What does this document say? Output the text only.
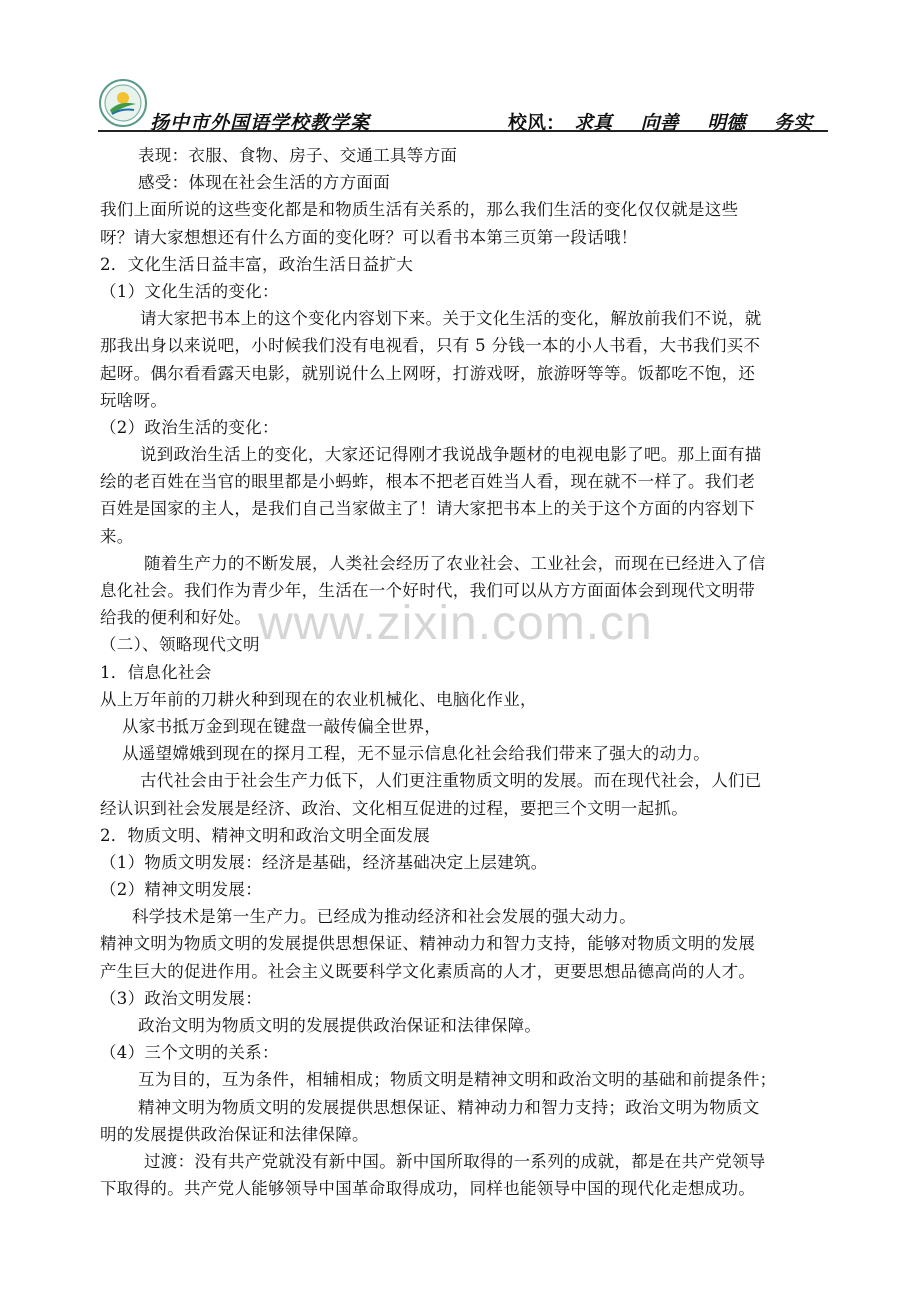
扬中市外国语学校教学案	校风： 求真 向善 明德 务实
表现：衣服、食物、房子、交通工具等方面
感受：体现在社会生活的方方面面
我们上面所说的这些变化都是和物质生活有关系的，那么我们生活的变化仅仅就是这些
呀？请大家想想还有什么方面的变化呀？可以看书本第三页第一段话哦！
2．文化生活日益丰富，政治生活日益扩大
（1）文化生活的变化：
请大家把书本上的这个变化内容划下来。关于文化生活的变化，解放前我们不说，就
那我出身以来说吧，小时候我们没有电视看，只有 5 分钱一本的小人书看，大书我们买不
起呀。偶尔看看露天电影，就别说什么上网呀，打游戏呀，旅游呀等等。饭都吃不饱，还
玩啥呀。
（2）政治生活的变化：
说到政治生活上的变化，大家还记得刚才我说战争题材的电视电影了吧。那上面有描
绘的老百姓在当官的眼里都是小蚂蚱，根本不把老百姓当人看，现在就不一样了。我们老
百姓是国家的主人，是我们自己当家做主了！请大家把书本上的关于这个方面的内容划下
来。
随着生产力的不断发展，人类社会经历了农业社会、工业社会，而现在已经进入了信
息化社会。我们作为青少年，生活在一个好时代，我们可以从方方面面体会到现代文明带
给我的便利和好处。
（二）、领略现代文明
1．信息化社会
从上万年前的刀耕火种到现在的农业机械化、电脑化作业，
从家书抵万金到现在键盘一敲传偏全世界，
从遥望嫦娥到现在的探月工程，无不显示信息化社会给我们带来了强大的动力。
古代社会由于社会生产力低下，人们更注重物质文明的发展。而在现代社会，人们已
经认识到社会发展是经济、政治、文化相互促进的过程，要把三个文明一起抓。
2．物质文明、精神文明和政治文明全面发展
（1）物质文明发展：经济是基础，经济基础决定上层建筑。
（2）精神文明发展：
科学技术是第一生产力。已经成为推动经济和社会发展的强大动力。
精神文明为物质文明的发展提供思想保证、精神动力和智力支持，能够对物质文明的发展
产生巨大的促进作用。社会主义既要科学文化素质高的人才，更要思想品德高尚的人才。
（3）政治文明发展：
政治文明为物质文明的发展提供政治保证和法律保障。
（4）三个文明的关系：
互为目的，互为条件，相辅相成；物质文明是精神文明和政治文明的基础和前提条件；
精神文明为物质文明的发展提供思想保证、精神动力和智力支持；政治文明为物质文
明的发展提供政治保证和法律保障。
过渡：没有共产党就没有新中国。新中国所取得的一系列的成就，都是在共产党领导
下取得的。共产党人能够领导中国革命取得成功，同样也能领导中国的现代化走想成功。
www.zixin.com.cn
